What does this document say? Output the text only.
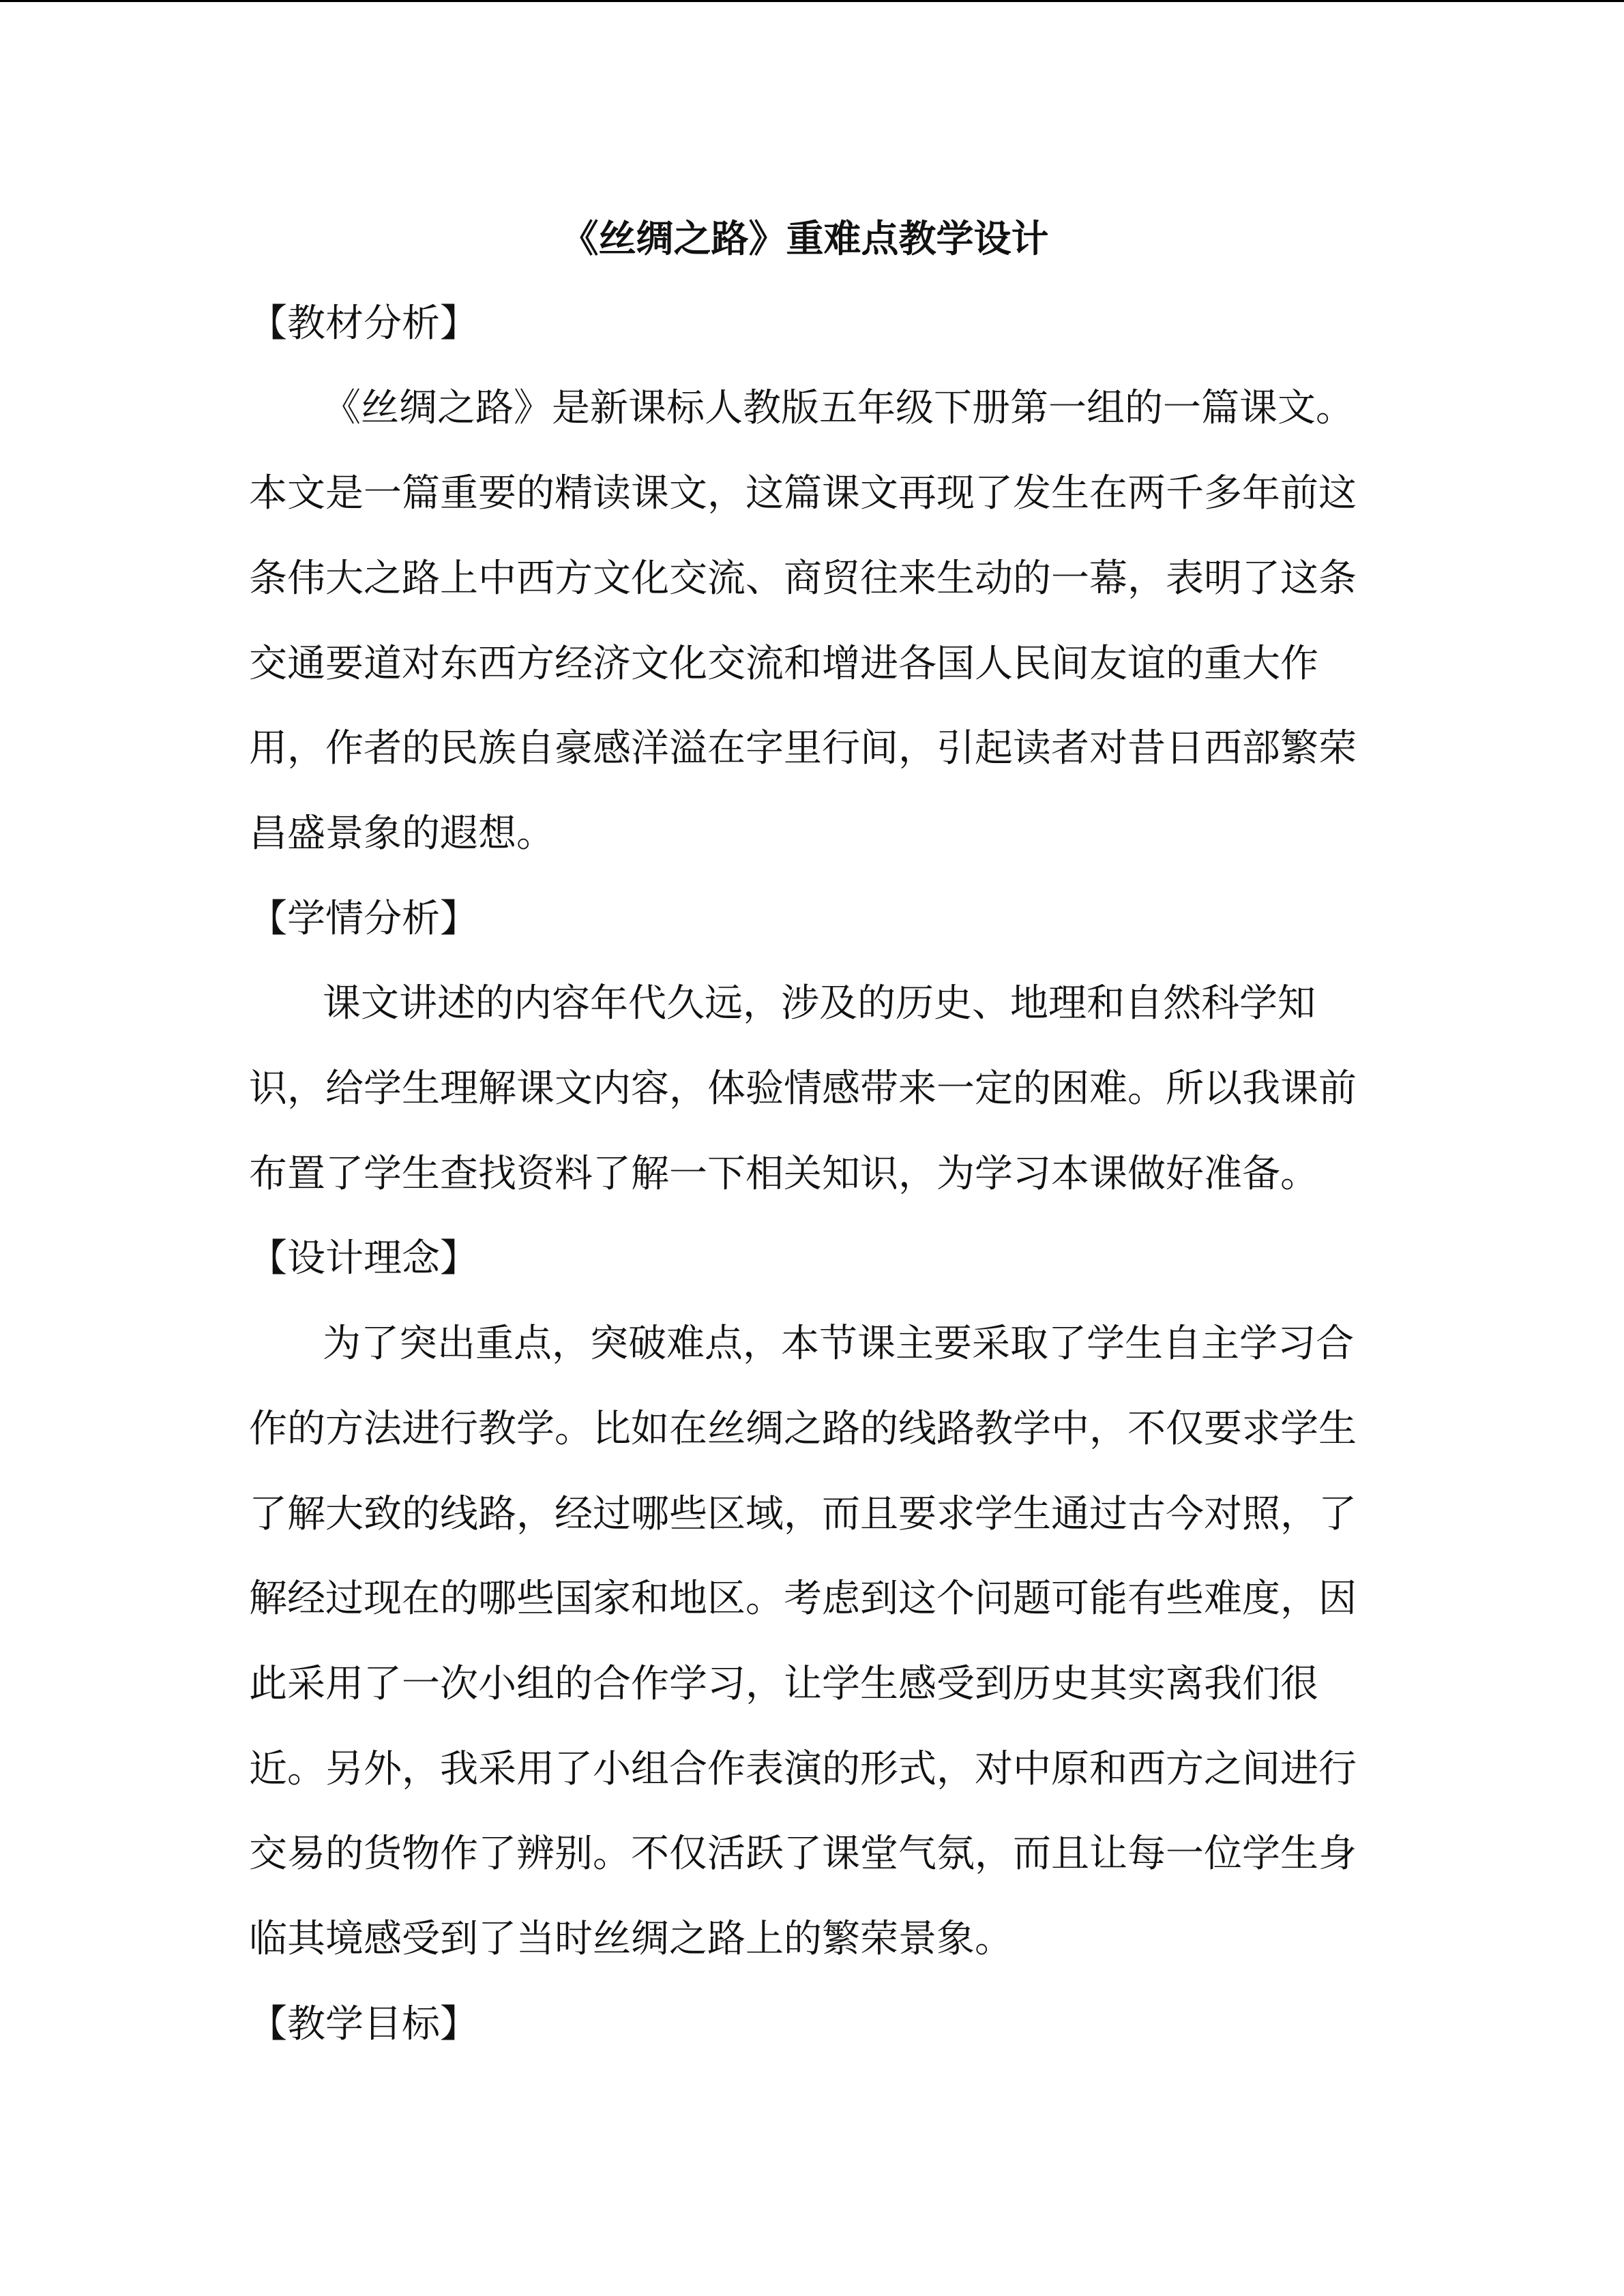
《丝绸之路》重难点教学设计
【教材分析】
《丝绸之路》是新课标人教版五年级下册第一组的一篇课文。
本文是一篇重要的精读课文，这篇课文再现了发生在两千多年前这
条伟大之路上中西方文化交流、商贸往来生动的一幕，表明了这条
交通要道对东西方经济文化交流和增进各国人民间友谊的重大作
用，作者的民族自豪感洋溢在字里行间，引起读者对昔日西部繁荣
昌盛景象的遐想。
【学情分析】
课文讲述的内容年代久远，涉及的历史、地理和自然科学知
识，给学生理解课文内容，体验情感带来一定的困难。所以我课前
布置了学生查找资料了解一下相关知识，为学习本课做好准备。
【设计理念】
为了突出重点，突破难点，本节课主要采取了学生自主学习合
作的方法进行教学。比如在丝绸之路的线路教学中，不仅要求学生
了解大致的线路，经过哪些区域，而且要求学生通过古今对照，了
解经过现在的哪些国家和地区。考虑到这个问题可能有些难度，因
此采用了一次小组的合作学习，让学生感受到历史其实离我们很
近。另外，我采用了小组合作表演的形式，对中原和西方之间进行
交易的货物作了辨别。不仅活跃了课堂气氛，而且让每一位学生身
临其境感受到了当时丝绸之路上的繁荣景象。
【教学目标】
